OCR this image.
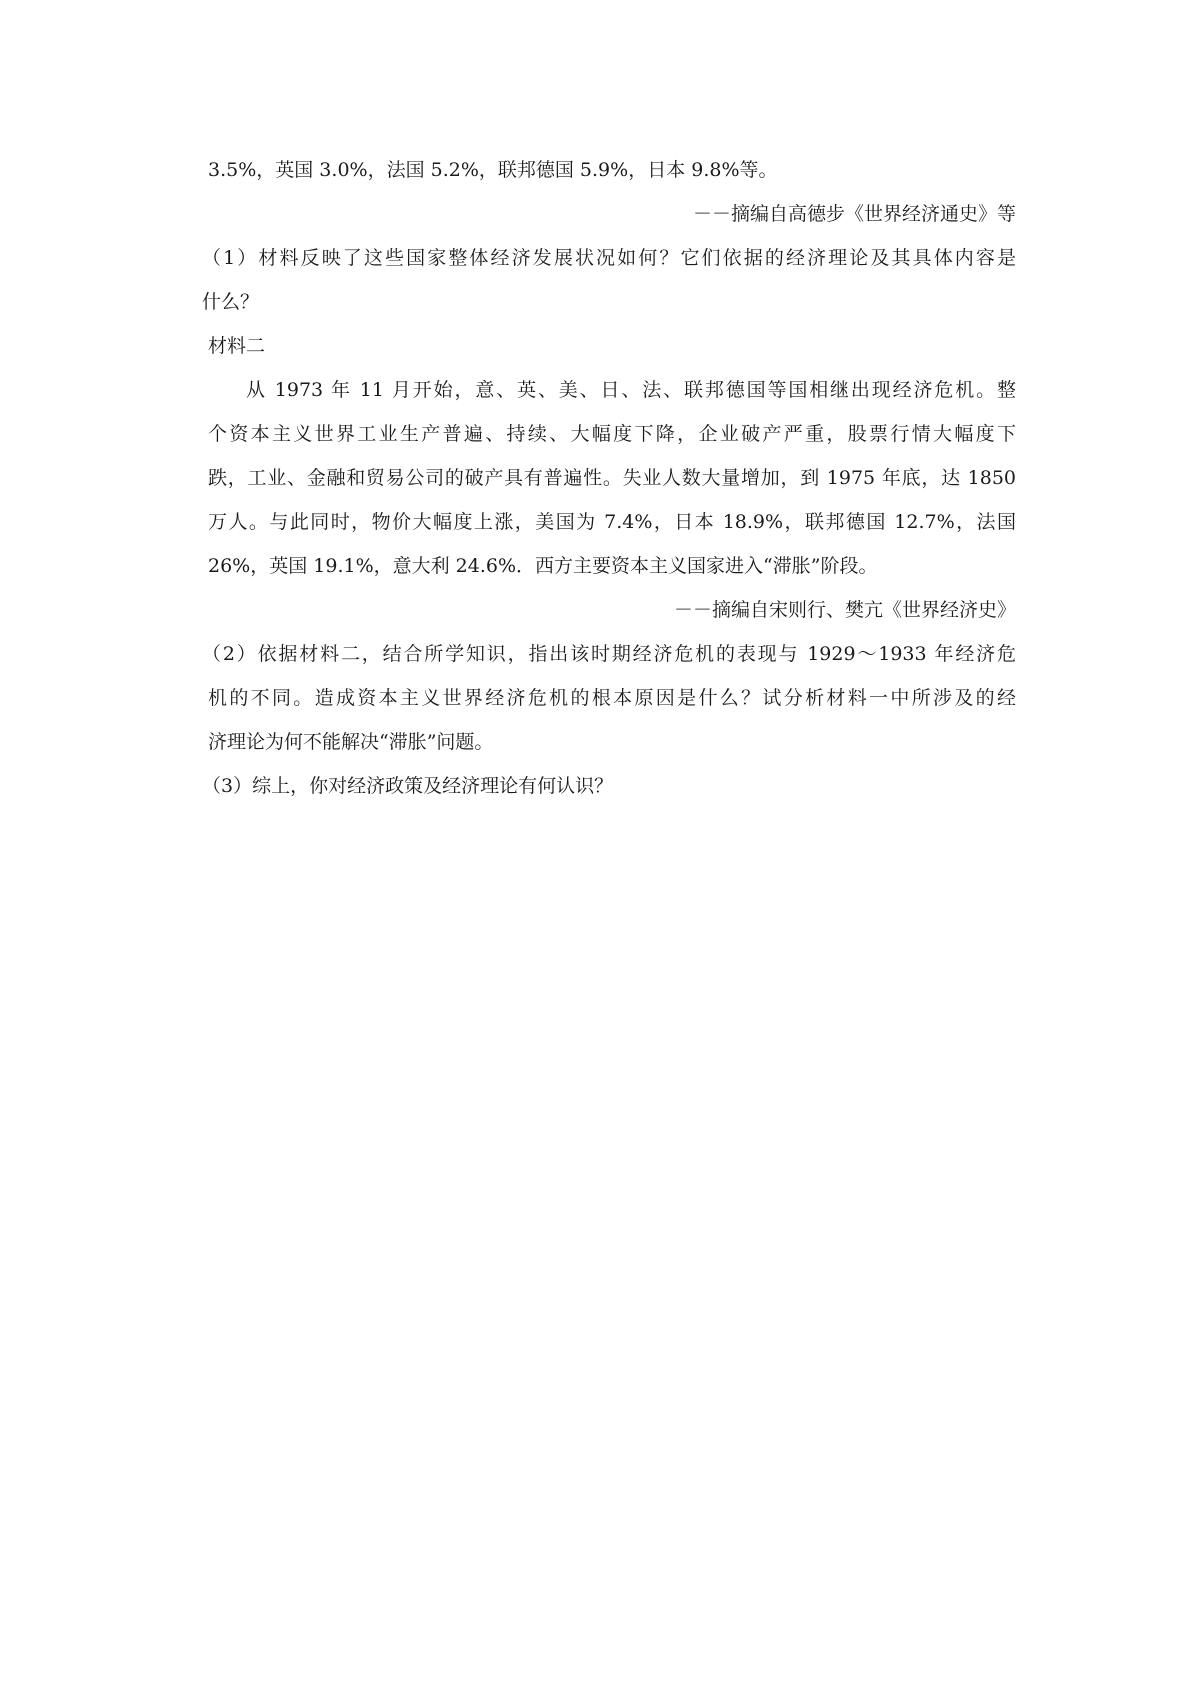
3.5%，英国 3.0%，法国 5.2%，联邦德国 5.9%，日本 9.8%等。
－－摘编自高德步《世界经济通史》等
（1）材料反映了这些国家整体经济发展状况如何？它们依据的经济理论及其具体内容是
什么？
材料二
从 1973 年 11 月开始，意、英、美、日、法、联邦德国等国相继出现经济危机。整
个资本主义世界工业生产普遍、持续、大幅度下降，企业破产严重，股票行情大幅度下
跌，工业、金融和贸易公司的破产具有普遍性。失业人数大量增加，到 1975 年底，达 1850
万人。与此同时，物价大幅度上涨，美国为 7.4%，日本 18.9%，联邦德国 12.7%，法国
26%，英国 19.1%，意大利 24.6%．西方主要资本主义国家进入“滞胀”阶段。
－－摘编自宋则行、樊亢《世界经济史》
（2）依据材料二，结合所学知识，指出该时期经济危机的表现与 1929～1933 年经济危
机的不同。造成资本主义世界经济危机的根本原因是什么？试分析材料一中所涉及的经
济理论为何不能解决“滞胀”问题。
（3）综上，你对经济政策及经济理论有何认识？
